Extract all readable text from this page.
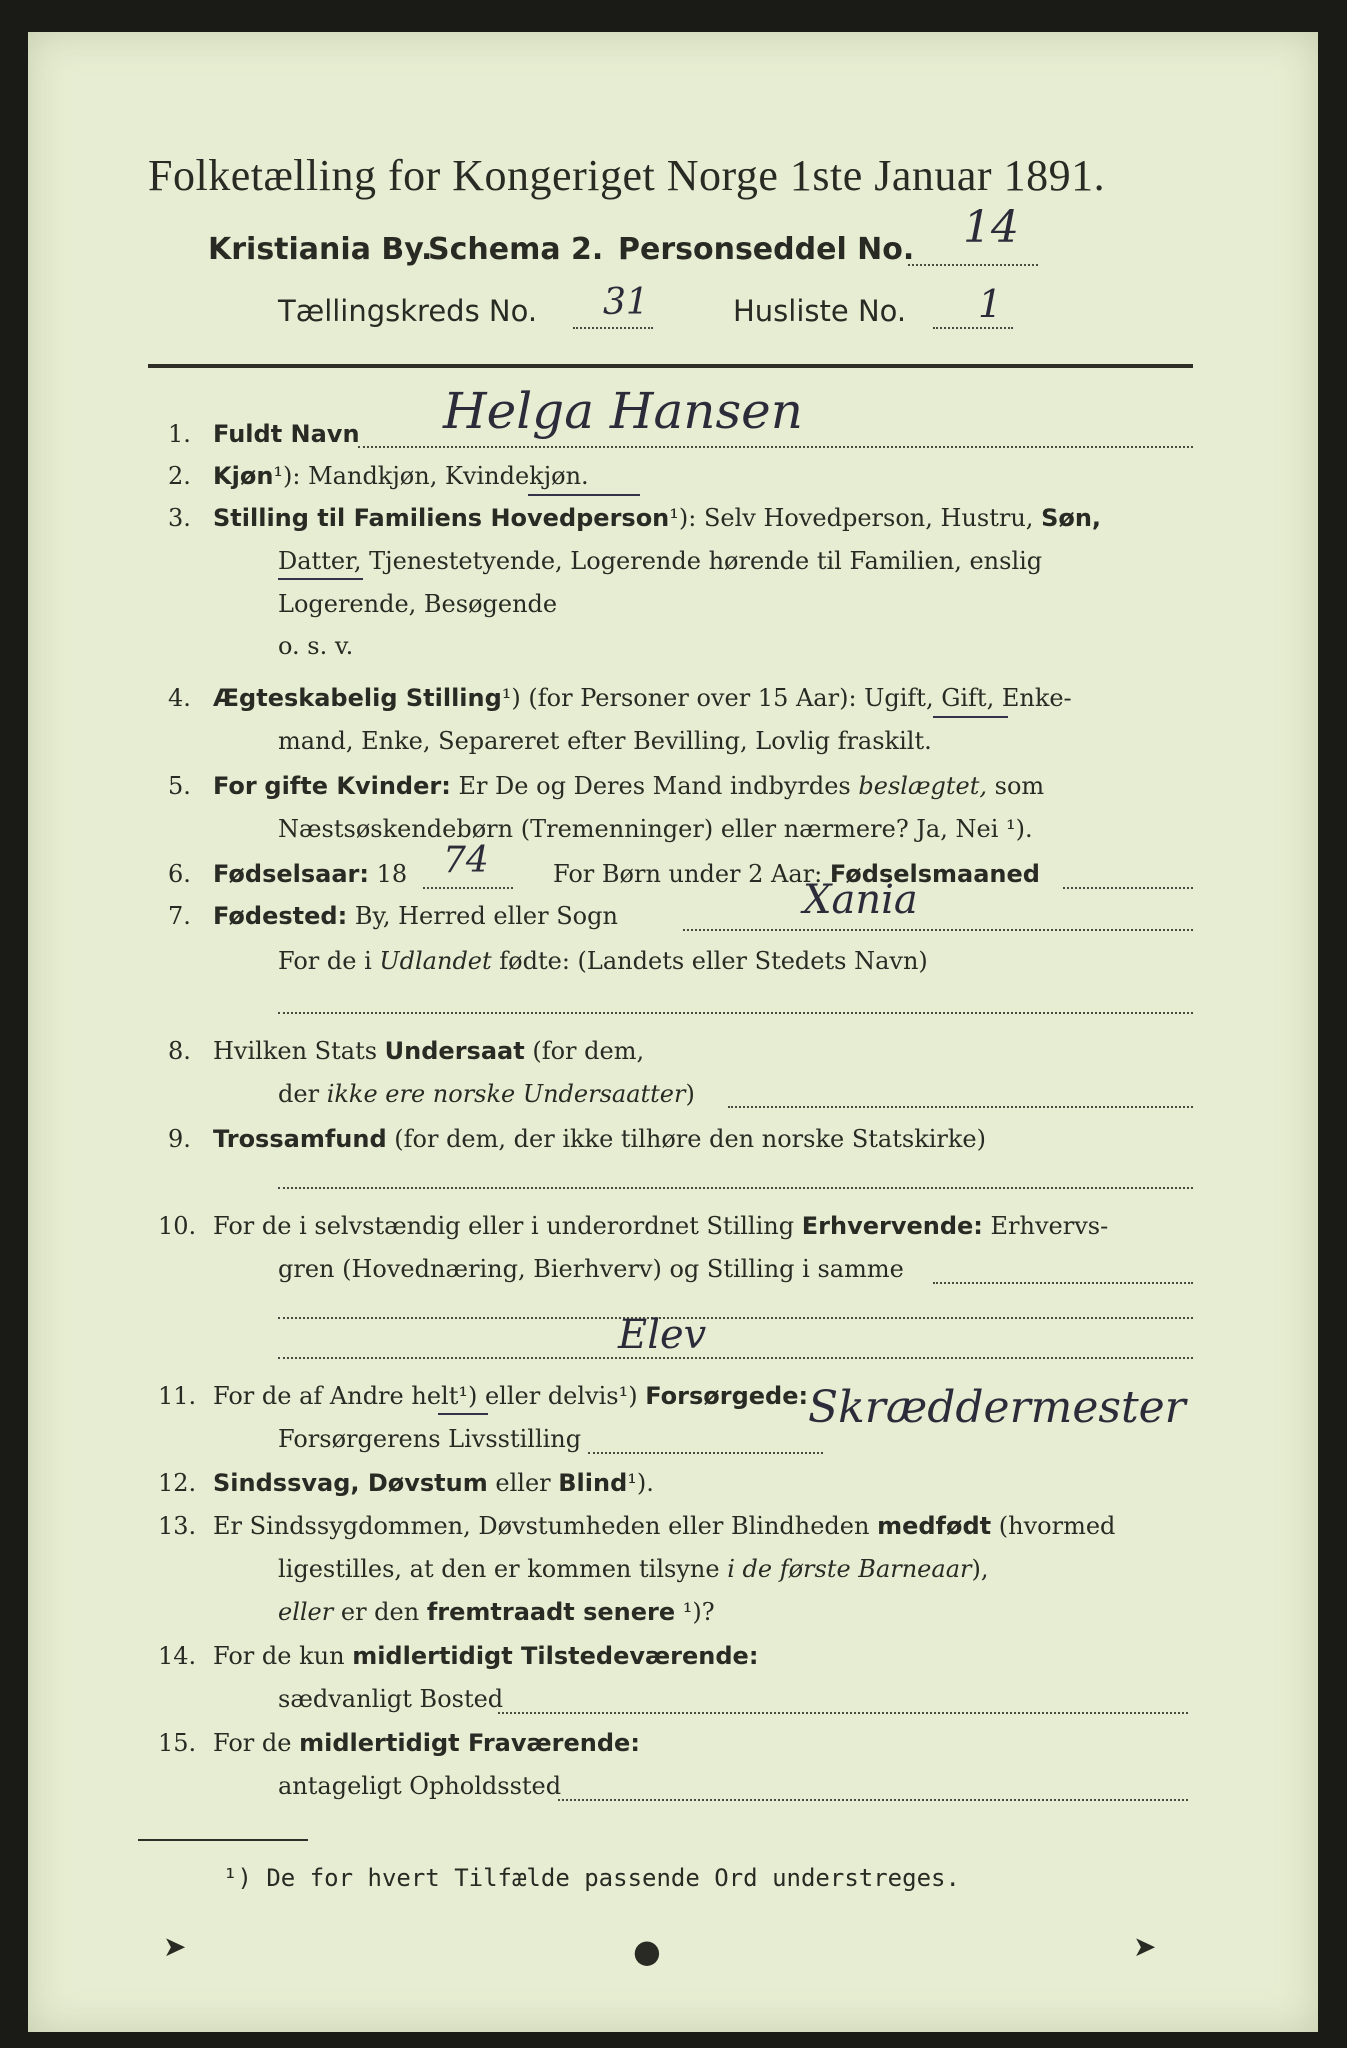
Folketælling for Kongeriget Norge 1ste Januar 1891.
Kristiania By.
Schema 2. Personseddel No. 14
Tællingskreds No. 31	Husliste No. 1
1. Fuldt Navn Helga Hansen
2. Kjøn¹): Mandkjøn, Kvindekjøn.
3. Stilling til Familiens Hovedperson¹): Selv Hovedperson, Hustru, Søn,
Datter, Tjenestetyende, Logerende hørende til Familien, enslig
Logerende, Besøgende
o. s. v.
4. Ægteskabelig Stilling¹) (for Personer over 15 Aar): Ugift, Gift, Enke-
mand, Enke, Separeret efter Bevilling, Lovlig fraskilt.
5. For gifte Kvinder: Er De og Deres Mand indbyrdes beslægtet, som
Næstsøskendebørn (Tremenninger) eller nærmere? Ja, Nei ¹).
6. Fødselsaar: 18 74	For Børn under 2 Aar: Fødselsmaaned
7. Fødested: By, Herred eller Sogn	Xania
For de i Udlandet fødte: (Landets eller Stedets Navn)
8. Hvilken Stats Undersaat (for dem,
der ikke ere norske Undersaatter)
9. Trossamfund (for dem, der ikke tilhøre den norske Statskirke)
10. For de i selvstændig eller i underordnet Stilling Erhvervende: Erhvervs-
gren (Hovednæring, Bierhverv) og Stilling i samme
Elev
11. For de af Andre helt¹) eller delvis¹) Forsørgede:
Forsørgerens Livsstilling
Skræddermester
12. Sindssvag, Døvstum eller Blind¹).
13. Er Sindssygdommen, Døvstumheden eller Blindheden medfødt (hvormed
ligestilles, at den er kommen tilsyne i de første Barneaar),
eller er den fremtraadt senere ¹)?
14. For de kun midlertidigt Tilstedeværende:
sædvanligt Bosted
15. For de midlertidigt Fraværende:
antageligt Opholdssted
¹) De for hvert Tilfælde passende Ord understreges.
➤	●	➤
